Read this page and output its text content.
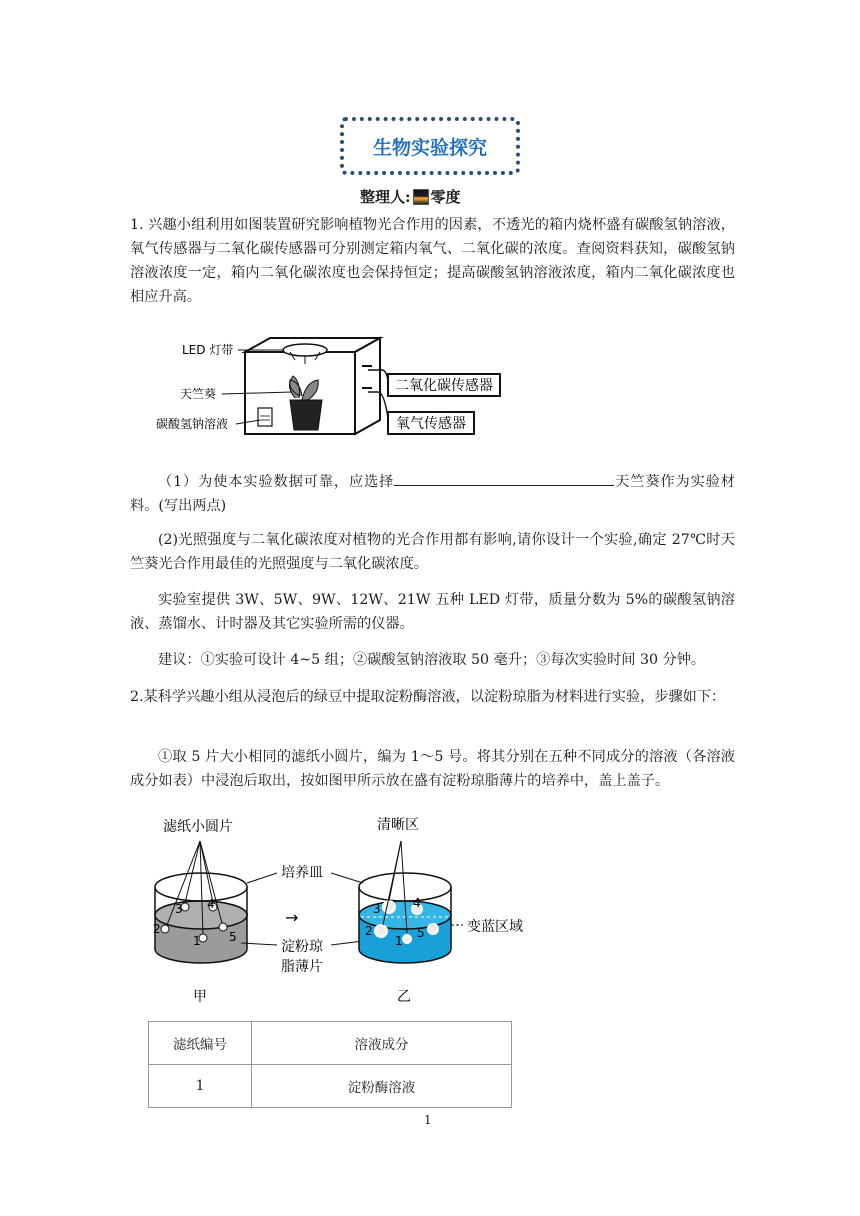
生物实验探究
整理人: 零度
1. 兴趣小组利用如图装置研究影响植物光合作用的因素，不透光的箱内烧杯盛有碳酸氢钠溶液，氧气传感器与二氧化碳传感器可分别测定箱内氧气、二氧化碳的浓度。查阅资料获知，碳酸氢钠溶液浓度一定，箱内二氧化碳浓度也会保持恒定；提高碳酸氢钠溶液浓度，箱内二氧化碳浓度也相应升高。
二氧化碳传感器
氧气传感器
LED 灯带
天竺葵
碳酸氢钠溶液
（1）为使本实验数据可靠，应选择	天竺葵作为实验材料。(写出两点)
(2)光照强度与二氧化碳浓度对植物的光合作用都有影响,请你设计一个实验,确定 27℃时天竺葵光合作用最佳的光照强度与二氧化碳浓度。
实验室提供 3W、5W、9W、12W、21W 五种 LED 灯带，质量分数为 5%的碳酸氢钠溶液、蒸馏水、计时器及其它实验所需的仪器。
建议：①实验可设计 4~5 组；②碳酸氢钠溶液取 50 毫升；③每次实验时间 30 分钟。
2.某科学兴趣小组从浸泡后的绿豆中提取淀粉酶溶液，以淀粉琼脂为材料进行实验，步骤如下：
①取 5 片大小相同的滤纸小圆片，编为 1～5 号。将其分别在五种不同成分的溶液（各溶液成分如表）中浸泡后取出，按如图甲所示放在盛有淀粉琼脂薄片的培养中，盖上盖子。
3 4
2
1 5
滤纸小圆片
甲
→
培养皿
淀粉琼
脂薄片
3	4
2
1
5
清晰区
变蓝区域
乙
滤纸编号	溶液成分
1	淀粉酶溶液
1
